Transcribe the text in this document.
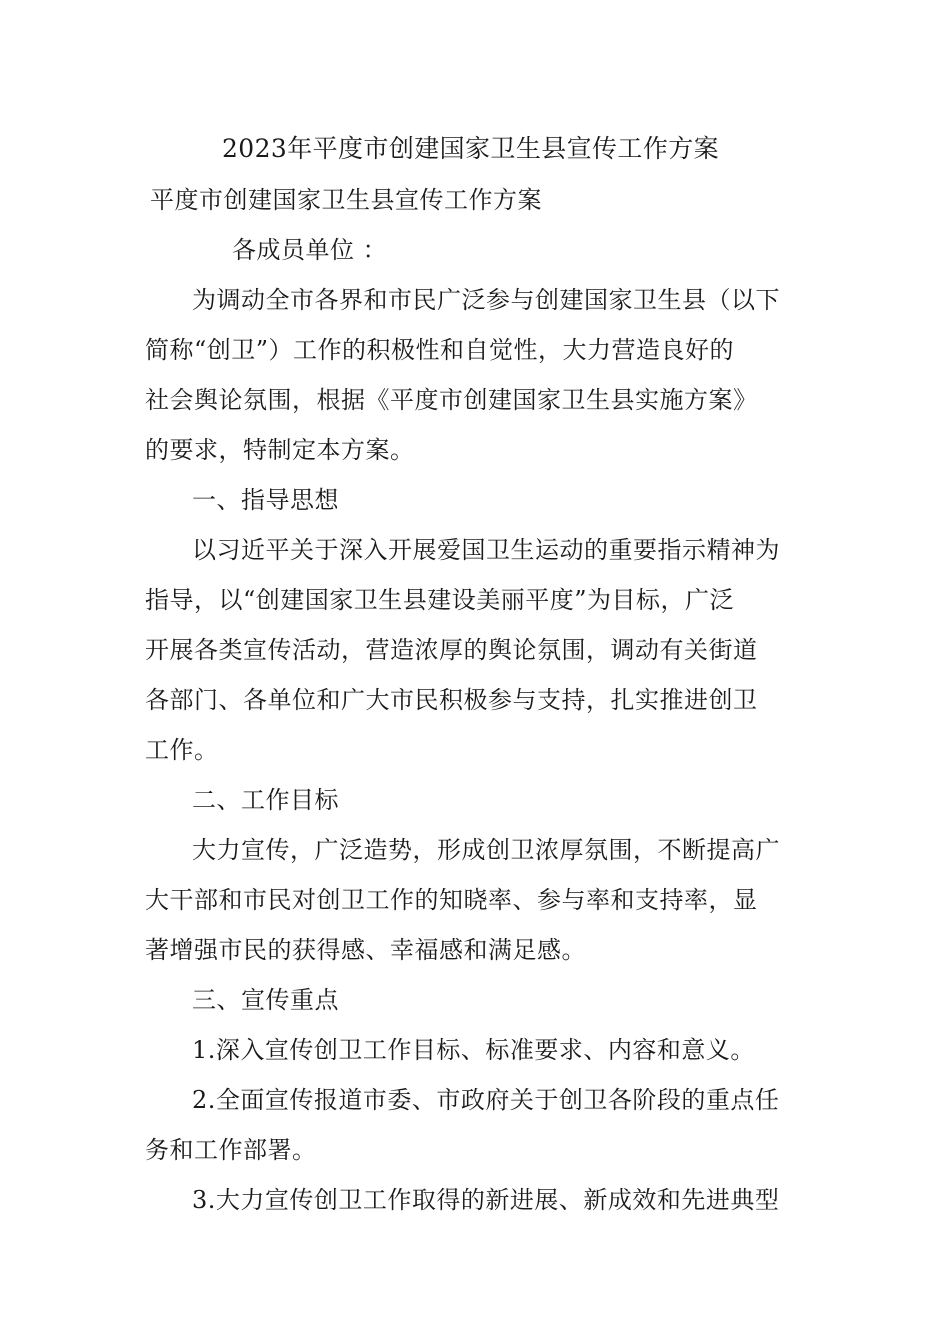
2023年平度市创建国家卫生县宣传工作方案
平度市创建国家卫生县宣传工作方案
各成员单位 ：
为调动全市各界和市民广泛参与创建国家卫生县（以下
简称“创卫”）工作的积极性和自觉性，大力营造良好的
社会舆论氛围，根据《平度市创建国家卫生县实施方案》
的要求，特制定本方案。
一、指导思想
以习近平关于深入开展爱国卫生运动的重要指示精神为
指导，以“创建国家卫生县建设美丽平度”为目标，广泛
开展各类宣传活动，营造浓厚的舆论氛围，调动有关街道
各部门、各单位和广大市民积极参与支持，扎实推进创卫
工作。
二、工作目标
大力宣传，广泛造势，形成创卫浓厚氛围，不断提高广
大干部和市民对创卫工作的知晓率、参与率和支持率，显
著增强市民的获得感、幸福感和满足感。
三、宣传重点
1.深入宣传创卫工作目标、标准要求、内容和意义。
2.全面宣传报道市委、市政府关于创卫各阶段的重点任
务和工作部署。
3.大力宣传创卫工作取得的新进展、新成效和先进典型
